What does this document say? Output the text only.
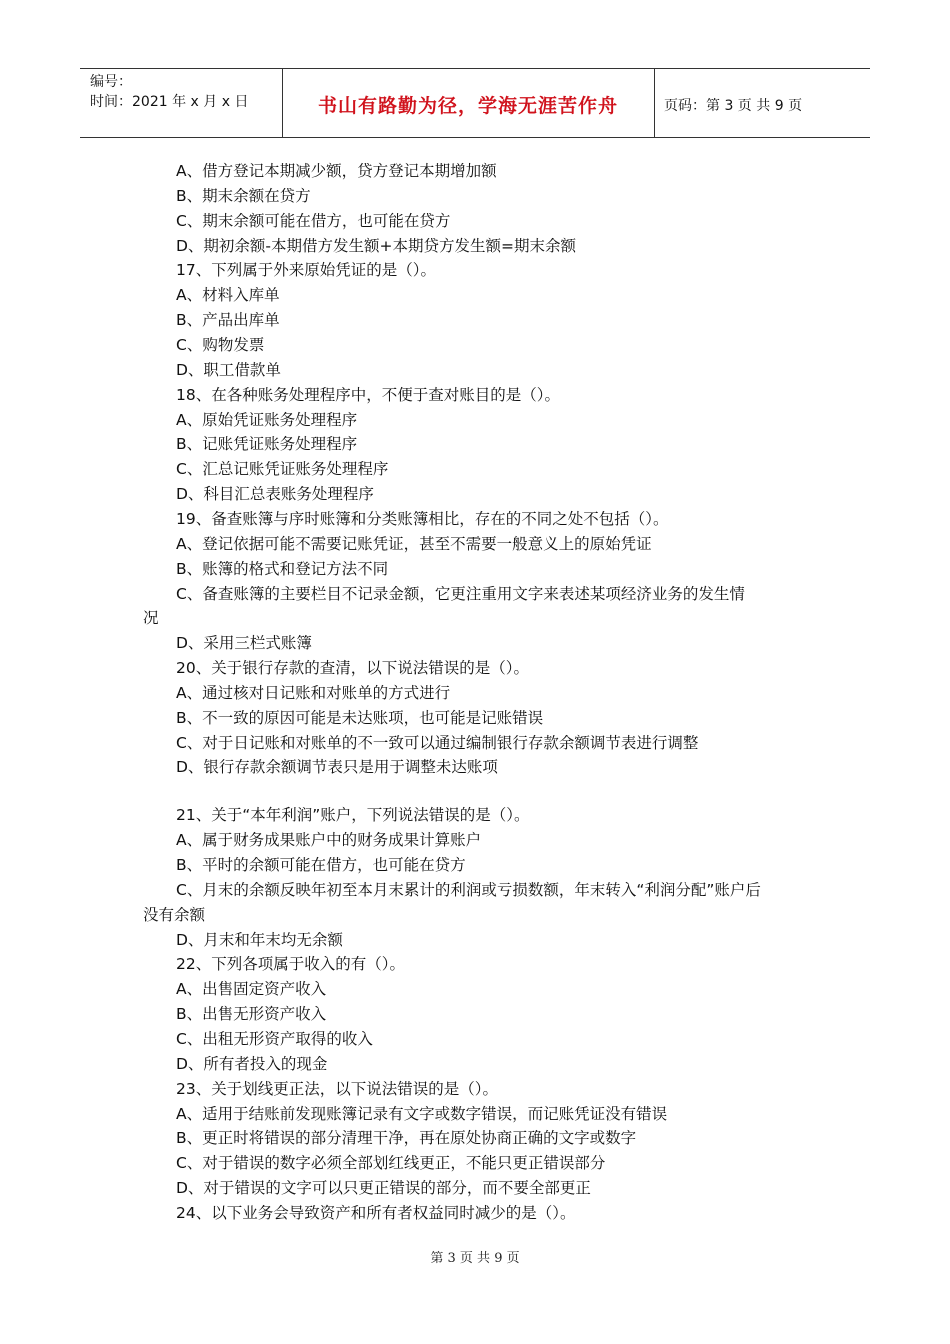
编号：
时间：2021 年 x 月 x 日	书山有路勤为径，学海无涯苦作舟	页码：第 3 页 共 9 页
A、借方登记本期减少额，贷方登记本期增加额
B、期末余额在贷方
C、期末余额可能在借方，也可能在贷方
D、期初余额-本期借方发生额+本期贷方发生额=期末余额
17、下列属于外来原始凭证的是（）。
A、材料入库单
B、产品出库单
C、购物发票
D、职工借款单
18、在各种账务处理程序中，不便于查对账目的是（）。
A、原始凭证账务处理程序
B、记账凭证账务处理程序
C、汇总记账凭证账务处理程序
D、科目汇总表账务处理程序
19、备查账簿与序时账簿和分类账簿相比，存在的不同之处不包括（）。
A、登记依据可能不需要记账凭证，甚至不需要一般意义上的原始凭证
B、账簿的格式和登记方法不同
C、备查账簿的主要栏目不记录金额，它更注重用文字来表述某项经济业务的发生情
况
D、采用三栏式账簿
20、关于银行存款的查清，以下说法错误的是（）。
A、通过核对日记账和对账单的方式进行
B、不一致的原因可能是未达账项，也可能是记账错误
C、对于日记账和对账单的不一致可以通过编制银行存款余额调节表进行调整
D、银行存款余额调节表只是用于调整未达账项
21、关于“本年利润”账户，下列说法错误的是（）。
A、属于财务成果账户中的财务成果计算账户
B、平时的余额可能在借方，也可能在贷方
C、月末的余额反映年初至本月末累计的利润或亏损数额，年末转入“利润分配”账户后
没有余额
D、月末和年末均无余额
22、下列各项属于收入的有（）。
A、出售固定资产收入
B、出售无形资产收入
C、出租无形资产取得的收入
D、所有者投入的现金
23、关于划线更正法，以下说法错误的是（）。
A、适用于结账前发现账簿记录有文字或数字错误，而记账凭证没有错误
B、更正时将错误的部分清理干净，再在原处协商正确的文字或数字
C、对于错误的数字必须全部划红线更正，不能只更正错误部分
D、对于错误的文字可以只更正错误的部分，而不要全部更正
24、以下业务会导致资产和所有者权益同时减少的是（）。
第 3 页 共 9 页
